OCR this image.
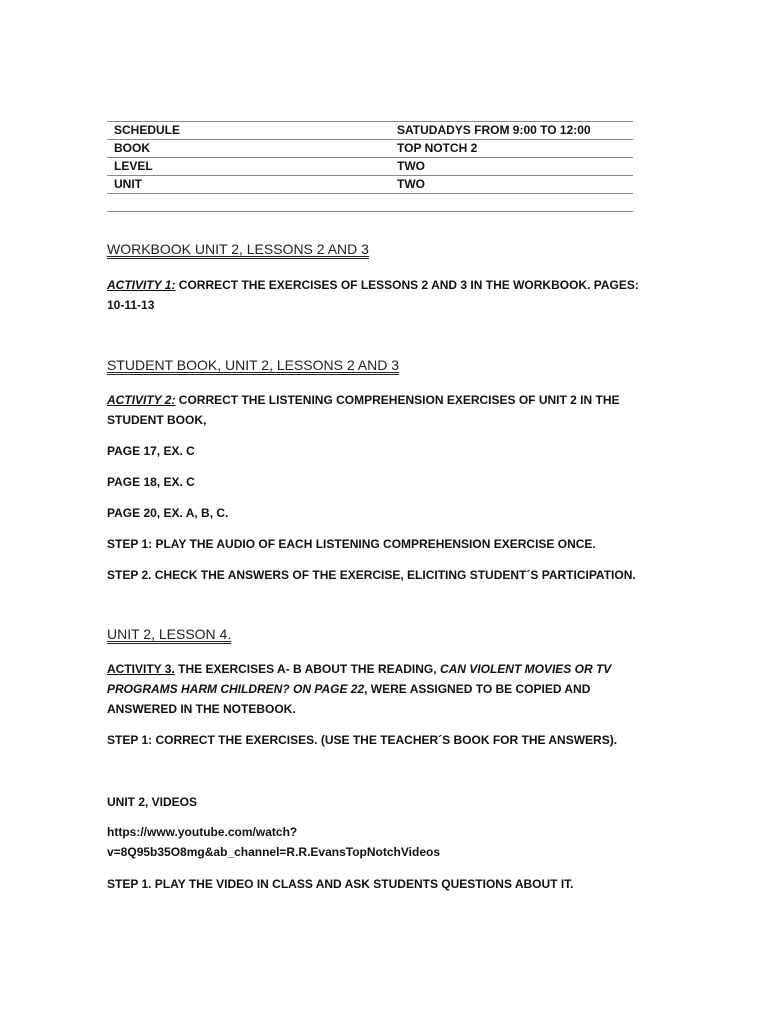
SCHEDULE	SATUDADYS FROM 9:00 TO 12:00
BOOK	TOP NOTCH 2
LEVEL	TWO
UNIT	TWO
WORKBOOK UNIT 2, LESSONS 2 AND 3

ACTIVITY 1: CORRECT THE EXERCISES OF LESSONS 2 AND 3 IN THE WORKBOOK. PAGES: 10-11-13

STUDENT BOOK, UNIT 2, LESSONS 2 AND 3

ACTIVITY 2: CORRECT THE LISTENING COMPREHENSION EXERCISES OF UNIT 2 IN THE STUDENT BOOK,

PAGE 17, EX. C

PAGE 18, EX. C

PAGE 20, EX. A, B, C.

STEP 1: PLAY THE AUDIO OF EACH LISTENING COMPREHENSION EXERCISE ONCE.

STEP 2. CHECK THE ANSWERS OF THE EXERCISE, ELICITING STUDENT´S PARTICIPATION.

UNIT 2, LESSON 4.

ACTIVITY 3. THE EXERCISES A- B ABOUT THE READING, CAN VIOLENT MOVIES OR TV PROGRAMS HARM CHILDREN? ON PAGE 22, WERE ASSIGNED TO BE COPIED AND ANSWERED IN THE NOTEBOOK.

STEP 1: CORRECT THE EXERCISES. (USE THE TEACHER´S BOOK FOR THE ANSWERS).

UNIT 2, VIDEOS

https://www.youtube.com/watch?

v=8Q95b35O8mg&ab_channel=R.R.EvansTopNotchVideos

STEP 1. PLAY THE VIDEO IN CLASS AND ASK STUDENTS QUESTIONS ABOUT IT.
